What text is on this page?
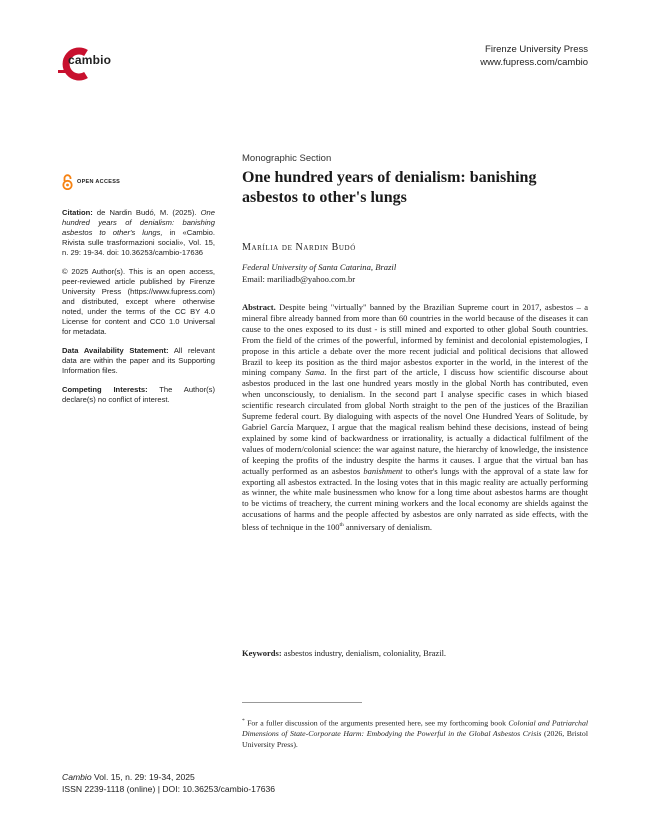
cambio
Firenze University Press
www.fupress.com/cambio
OPEN ACCESS

Citation: de Nardin Budó, M. (2025). One hundred years of denialism: banishing asbestos to other's lungs, in «Cambio. Rivista sulle trasformazioni sociali», Vol. 15, n. 29: 19-34. doi: 10.36253/cambio-17636

© 2025 Author(s). This is an open access, peer-reviewed article published by Firenze University Press (https://www.fupress.com) and distributed, except where otherwise noted, under the terms of the CC BY 4.0 License for content and CC0 1.0 Universal for metadata.

Data Availability Statement: All relevant data are within the paper and its Supporting Information files.

Competing Interests: The Author(s) declare(s) no conflict of interest.

Monographic Section
One hundred years of denialism: banishing asbestos to other's lungs
Marília de Nardin Budó
Federal University of Santa Catarina, Brazil
Email: mariliadb@yahoo.com.br

Abstract. Despite being "virtually" banned by the Brazilian Supreme court in 2017, asbestos – a mineral fibre already banned from more than 60 countries in the world because of the diseases it can cause to the ones exposed to its dust - is still mined and exported to other global South countries. From the field of the crimes of the powerful, informed by feminist and decolonial epistemologies, I propose in this article a debate over the more recent judicial and political decisions that allowed Brazil to keep its position as the third major asbestos exporter in the world, in the interest of the mining company Sama. In the first part of the article, I discuss how scientific discourse about asbestos produced in the last one hundred years mostly in the global North has contributed, even when unconsciously, to denialism. In the second part I analyse specific cases in which biased scientific research circulated from global North straight to the pen of the justices of the Brazilian Supreme federal court. By dialoguing with aspects of the novel One Hundred Years of Solitude, by Gabriel García Marquez, I argue that the magical realism behind these decisions, instead of being explained by some kind of backwardness or irrationality, is actually a didactical fulfilment of the values of modern/colonial science: the war against nature, the hierarchy of knowledge, the insistence of keeping the profits of the industry despite the harms it causes. I argue that the virtual ban has actually performed as an asbestos banishment to other's lungs with the approval of a state law for exporting all asbestos extracted. In the losing votes that in this magic reality are actually performing as winner, the white male businessmen who know for a long time about asbestos harms are thought to be victims of treachery, the current mining workers and the local economy are shields against the accusations of harms and the people affected by asbestos are only narrated as side effects, with the bless of technique in the 100th anniversary of denialism.

Keywords: asbestos industry, denialism, coloniality, Brazil.

* For a fuller discussion of the arguments presented here, see my forthcoming book Colonial and Patriarchal Dimensions of State-Corporate Harm: Embodying the Powerful in the Global Asbestos Crisis (2026, Bristol University Press).

Cambio Vol. 15, n. 29: 19-34, 2025
ISSN 2239-1118 (online) | DOI: 10.36253/cambio-17636
